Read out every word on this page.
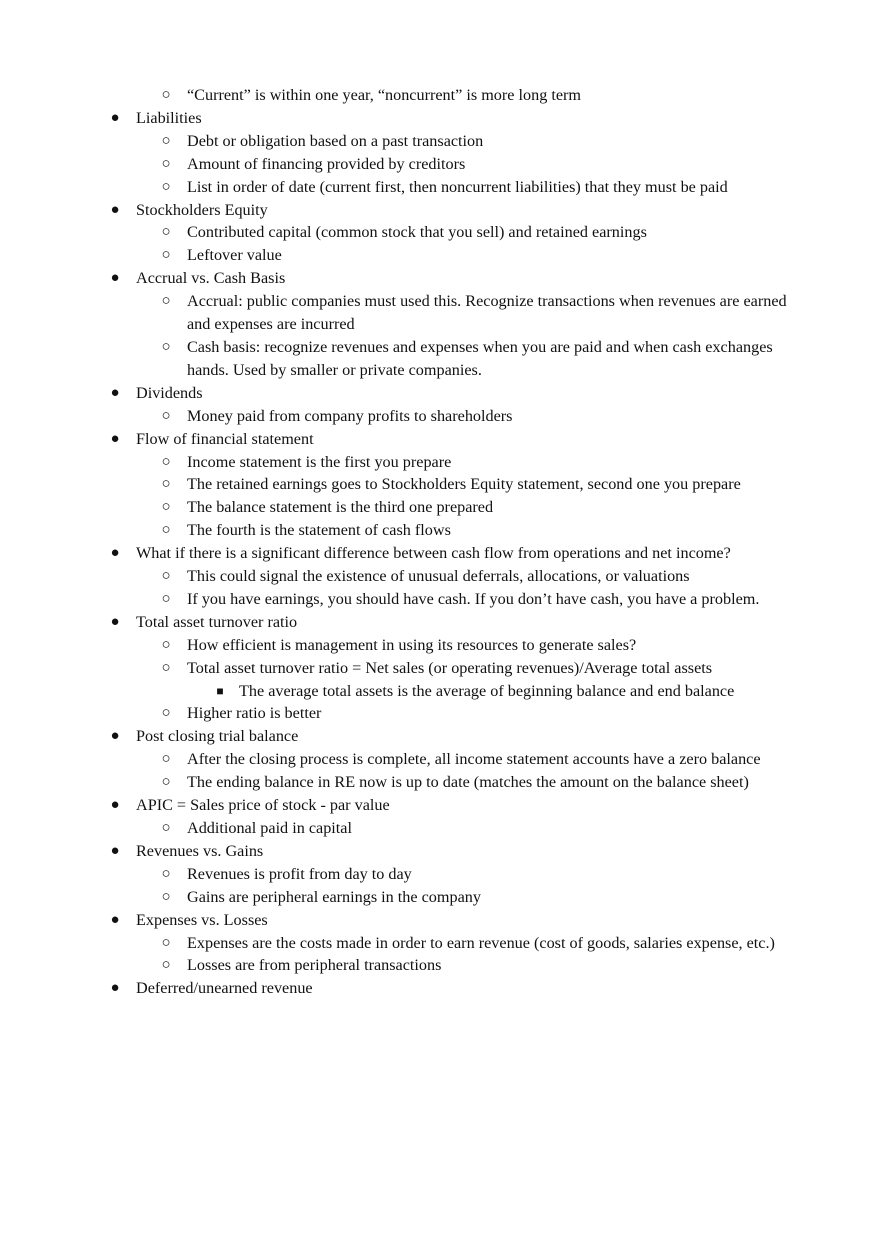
○ “Current” is within one year, “noncurrent” is more long term
● Liabilities
○ Debt or obligation based on a past transaction
○ Amount of financing provided by creditors
○ List in order of date (current first, then noncurrent liabilities) that they must be paid
● Stockholders Equity
○ Contributed capital (common stock that you sell) and retained earnings
○ Leftover value
● Accrual vs. Cash Basis
○ Accrual: public companies must used this. Recognize transactions when revenues are earned and expenses are incurred
○ Cash basis: recognize revenues and expenses when you are paid and when cash exchanges hands. Used by smaller or private companies.
● Dividends
○ Money paid from company profits to shareholders
● Flow of financial statement
○ Income statement is the first you prepare
○ The retained earnings goes to Stockholders Equity statement, second one you prepare
○ The balance statement is the third one prepared
○ The fourth is the statement of cash flows
● What if there is a significant difference between cash flow from operations and net income?
○ This could signal the existence of unusual deferrals, allocations, or valuations
○ If you have earnings, you should have cash. If you don’t have cash, you have a problem.
● Total asset turnover ratio
○ How efficient is management in using its resources to generate sales?
○ Total asset turnover ratio = Net sales (or operating revenues)/Average total assets
■ The average total assets is the average of beginning balance and end balance
○ Higher ratio is better
● Post closing trial balance
○ After the closing process is complete, all income statement accounts have a zero balance
○ The ending balance in RE now is up to date (matches the amount on the balance sheet)
● APIC = Sales price of stock - par value
○ Additional paid in capital
● Revenues vs. Gains
○ Revenues is profit from day to day
○ Gains are peripheral earnings in the company
● Expenses vs. Losses
○ Expenses are the costs made in order to earn revenue (cost of goods, salaries expense, etc.)
○ Losses are from peripheral transactions
● Deferred/unearned revenue
